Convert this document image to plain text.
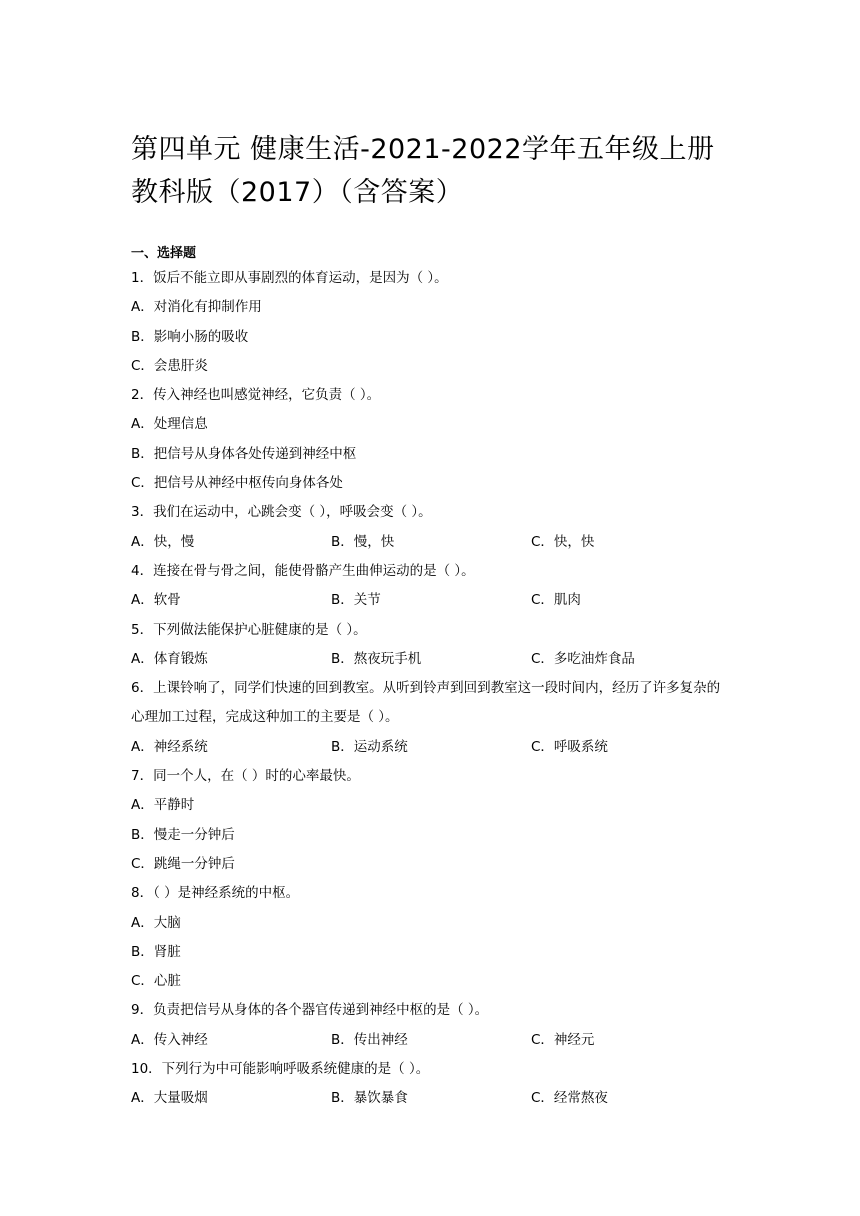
第四单元 健康生活-2021-2022学年五年级上册教科版（2017）（含答案）
一、选择题
1．饭后不能立即从事剧烈的体育运动，是因为（ ）。
A．对消化有抑制作用
B．影响小肠的吸收
C．会患肝炎
2．传入神经也叫感觉神经，它负责（ ）。
A．处理信息
B．把信号从身体各处传递到神经中枢
C．把信号从神经中枢传向身体各处
3．我们在运动中，心跳会变（ ），呼吸会变（ ）。
A．快，慢	B．慢，快	C．快，快
4．连接在骨与骨之间，能使骨骼产生曲伸运动的是（ ）。
A．软骨	B．关节	C．肌肉
5．下列做法能保护心脏健康的是（ ）。
A．体育锻炼	B．熬夜玩手机	C．多吃油炸食品
6．上课铃响了，同学们快速的回到教室。从听到铃声到回到教室这一段时间内，经历了许多复杂的心理加工过程，完成这种加工的主要是（ ）。
A．神经系统	B．运动系统	C．呼吸系统
7．同一个人，在（ ）时的心率最快。
A．平静时
B．慢走一分钟后
C．跳绳一分钟后
8．（ ）是神经系统的中枢。
A．大脑
B．肾脏
C．心脏
9．负责把信号从身体的各个器官传递到神经中枢的是（ ）。
A．传入神经	B．传出神经	C．神经元
10．下列行为中可能影响呼吸系统健康的是（ ）。
A．大量吸烟	B．暴饮暴食	C．经常熬夜
